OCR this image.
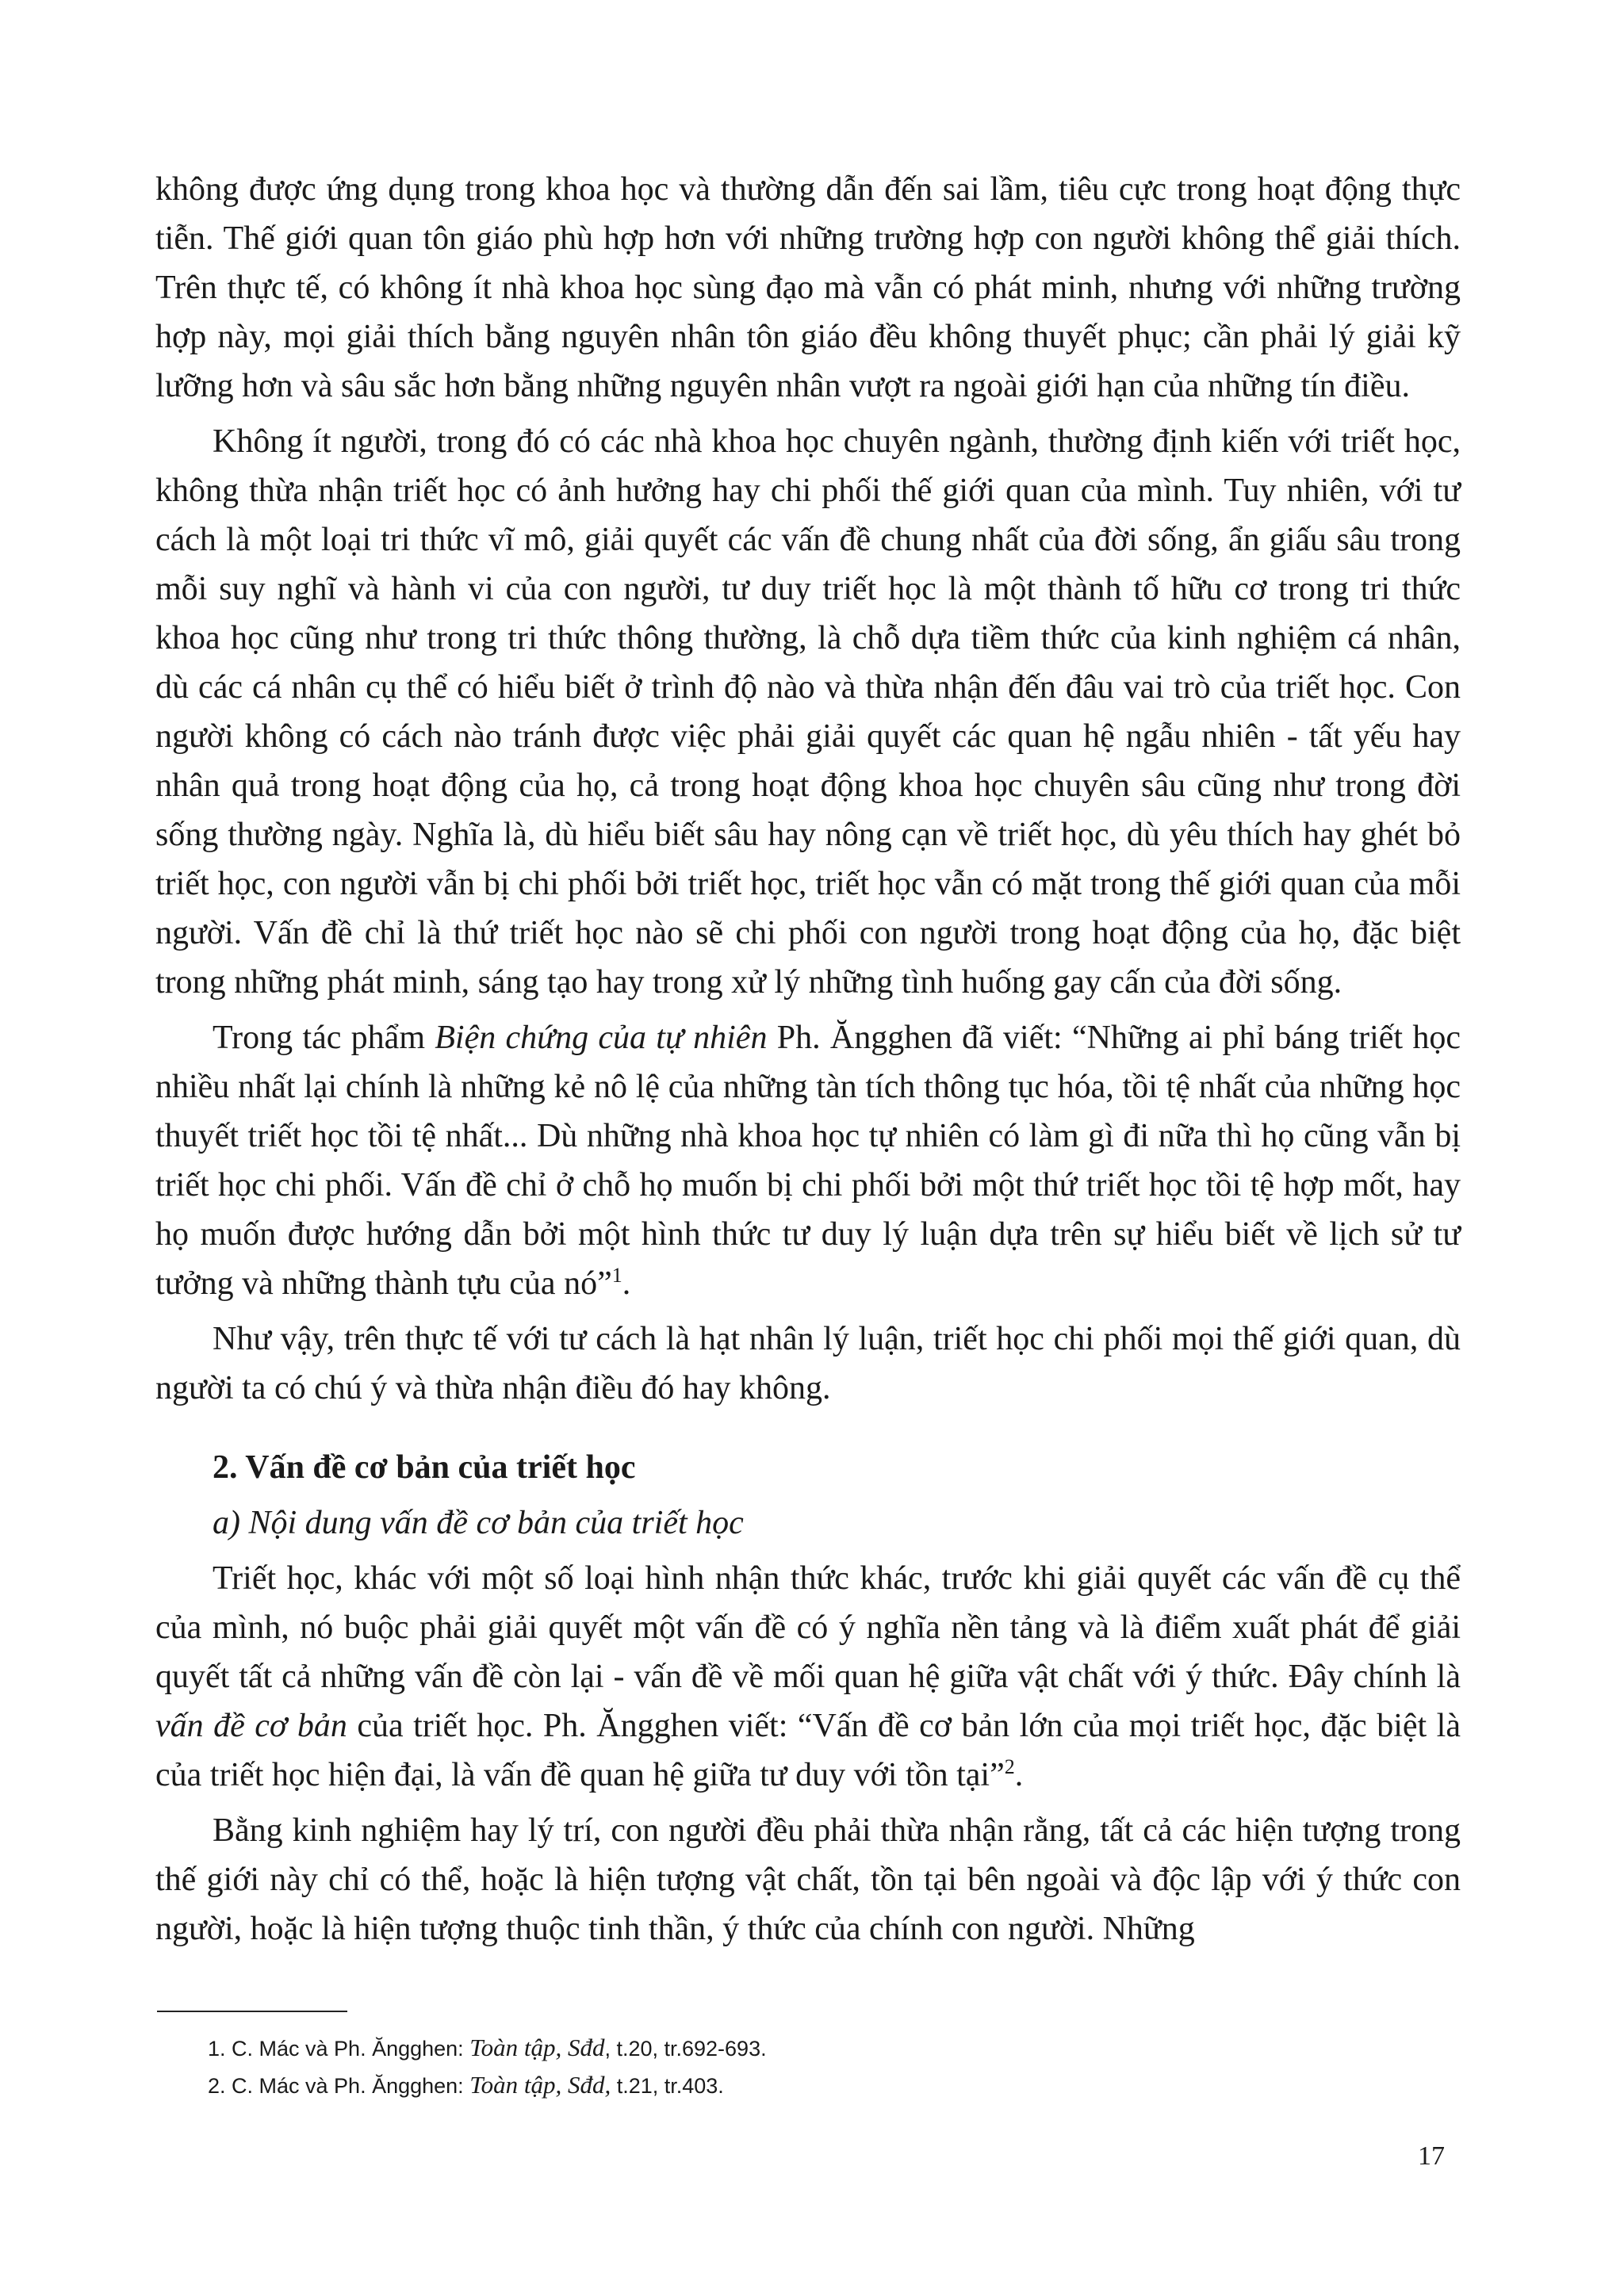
không được ứng dụng trong khoa học và thường dẫn đến sai lầm, tiêu cực trong hoạt động thực tiễn. Thế giới quan tôn giáo phù hợp hơn với những trường hợp con người không thể giải thích. Trên thực tế, có không ít nhà khoa học sùng đạo mà vẫn có phát minh, nhưng với những trường hợp này, mọi giải thích bằng nguyên nhân tôn giáo đều không thuyết phục; cần phải lý giải kỹ lưỡng hơn và sâu sắc hơn bằng những nguyên nhân vượt ra ngoài giới hạn của những tín điều.

Không ít người, trong đó có các nhà khoa học chuyên ngành, thường định kiến với triết học, không thừa nhận triết học có ảnh hưởng hay chi phối thế giới quan của mình. Tuy nhiên, với tư cách là một loại tri thức vĩ mô, giải quyết các vấn đề chung nhất của đời sống, ẩn giấu sâu trong mỗi suy nghĩ và hành vi của con người, tư duy triết học là một thành tố hữu cơ trong tri thức khoa học cũng như trong tri thức thông thường, là chỗ dựa tiềm thức của kinh nghiệm cá nhân, dù các cá nhân cụ thể có hiểu biết ở trình độ nào và thừa nhận đến đâu vai trò của triết học. Con người không có cách nào tránh được việc phải giải quyết các quan hệ ngẫu nhiên - tất yếu hay nhân quả trong hoạt động của họ, cả trong hoạt động khoa học chuyên sâu cũng như trong đời sống thường ngày. Nghĩa là, dù hiểu biết sâu hay nông cạn về triết học, dù yêu thích hay ghét bỏ triết học, con người vẫn bị chi phối bởi triết học, triết học vẫn có mặt trong thế giới quan của mỗi người. Vấn đề chỉ là thứ triết học nào sẽ chi phối con người trong hoạt động của họ, đặc biệt trong những phát minh, sáng tạo hay trong xử lý những tình huống gay cấn của đời sống.

Trong tác phẩm Biện chứng của tự nhiên Ph. Ăngghen đã viết: “Những ai phỉ báng triết học nhiều nhất lại chính là những kẻ nô lệ của những tàn tích thông tục hóa, tồi tệ nhất của những học thuyết triết học tồi tệ nhất... Dù những nhà khoa học tự nhiên có làm gì đi nữa thì họ cũng vẫn bị triết học chi phối. Vấn đề chỉ ở chỗ họ muốn bị chi phối bởi một thứ triết học tồi tệ hợp mốt, hay họ muốn được hướng dẫn bởi một hình thức tư duy lý luận dựa trên sự hiểu biết về lịch sử tư tưởng và những thành tựu của nó”$^1$.

Như vậy, trên thực tế với tư cách là hạt nhân lý luận, triết học chi phối mọi thế giới quan, dù người ta có chú ý và thừa nhận điều đó hay không.

2. Vấn đề cơ bản của triết học

a) Nội dung vấn đề cơ bản của triết học

Triết học, khác với một số loại hình nhận thức khác, trước khi giải quyết các vấn đề cụ thể của mình, nó buộc phải giải quyết một vấn đề có ý nghĩa nền tảng và là điểm xuất phát để giải quyết tất cả những vấn đề còn lại - vấn đề về mối quan hệ giữa vật chất với ý thức. Đây chính là vấn đề cơ bản của triết học. Ph. Ăngghen viết: “Vấn đề cơ bản lớn của mọi triết học, đặc biệt là của triết học hiện đại, là vấn đề quan hệ giữa tư duy với tồn tại”$^2$.

Bằng kinh nghiệm hay lý trí, con người đều phải thừa nhận rằng, tất cả các hiện tượng trong thế giới này chỉ có thể, hoặc là hiện tượng vật chất, tồn tại bên ngoài và độc lập với ý thức con người, hoặc là hiện tượng thuộc tinh thần, ý thức của chính con người. Những

1. C. Mác và Ph. Ăngghen: Toàn tập, Sđd, t.20, tr.692-693.
2. C. Mác và Ph. Ăngghen: Toàn tập, Sđd, t.21, tr.403.
17
